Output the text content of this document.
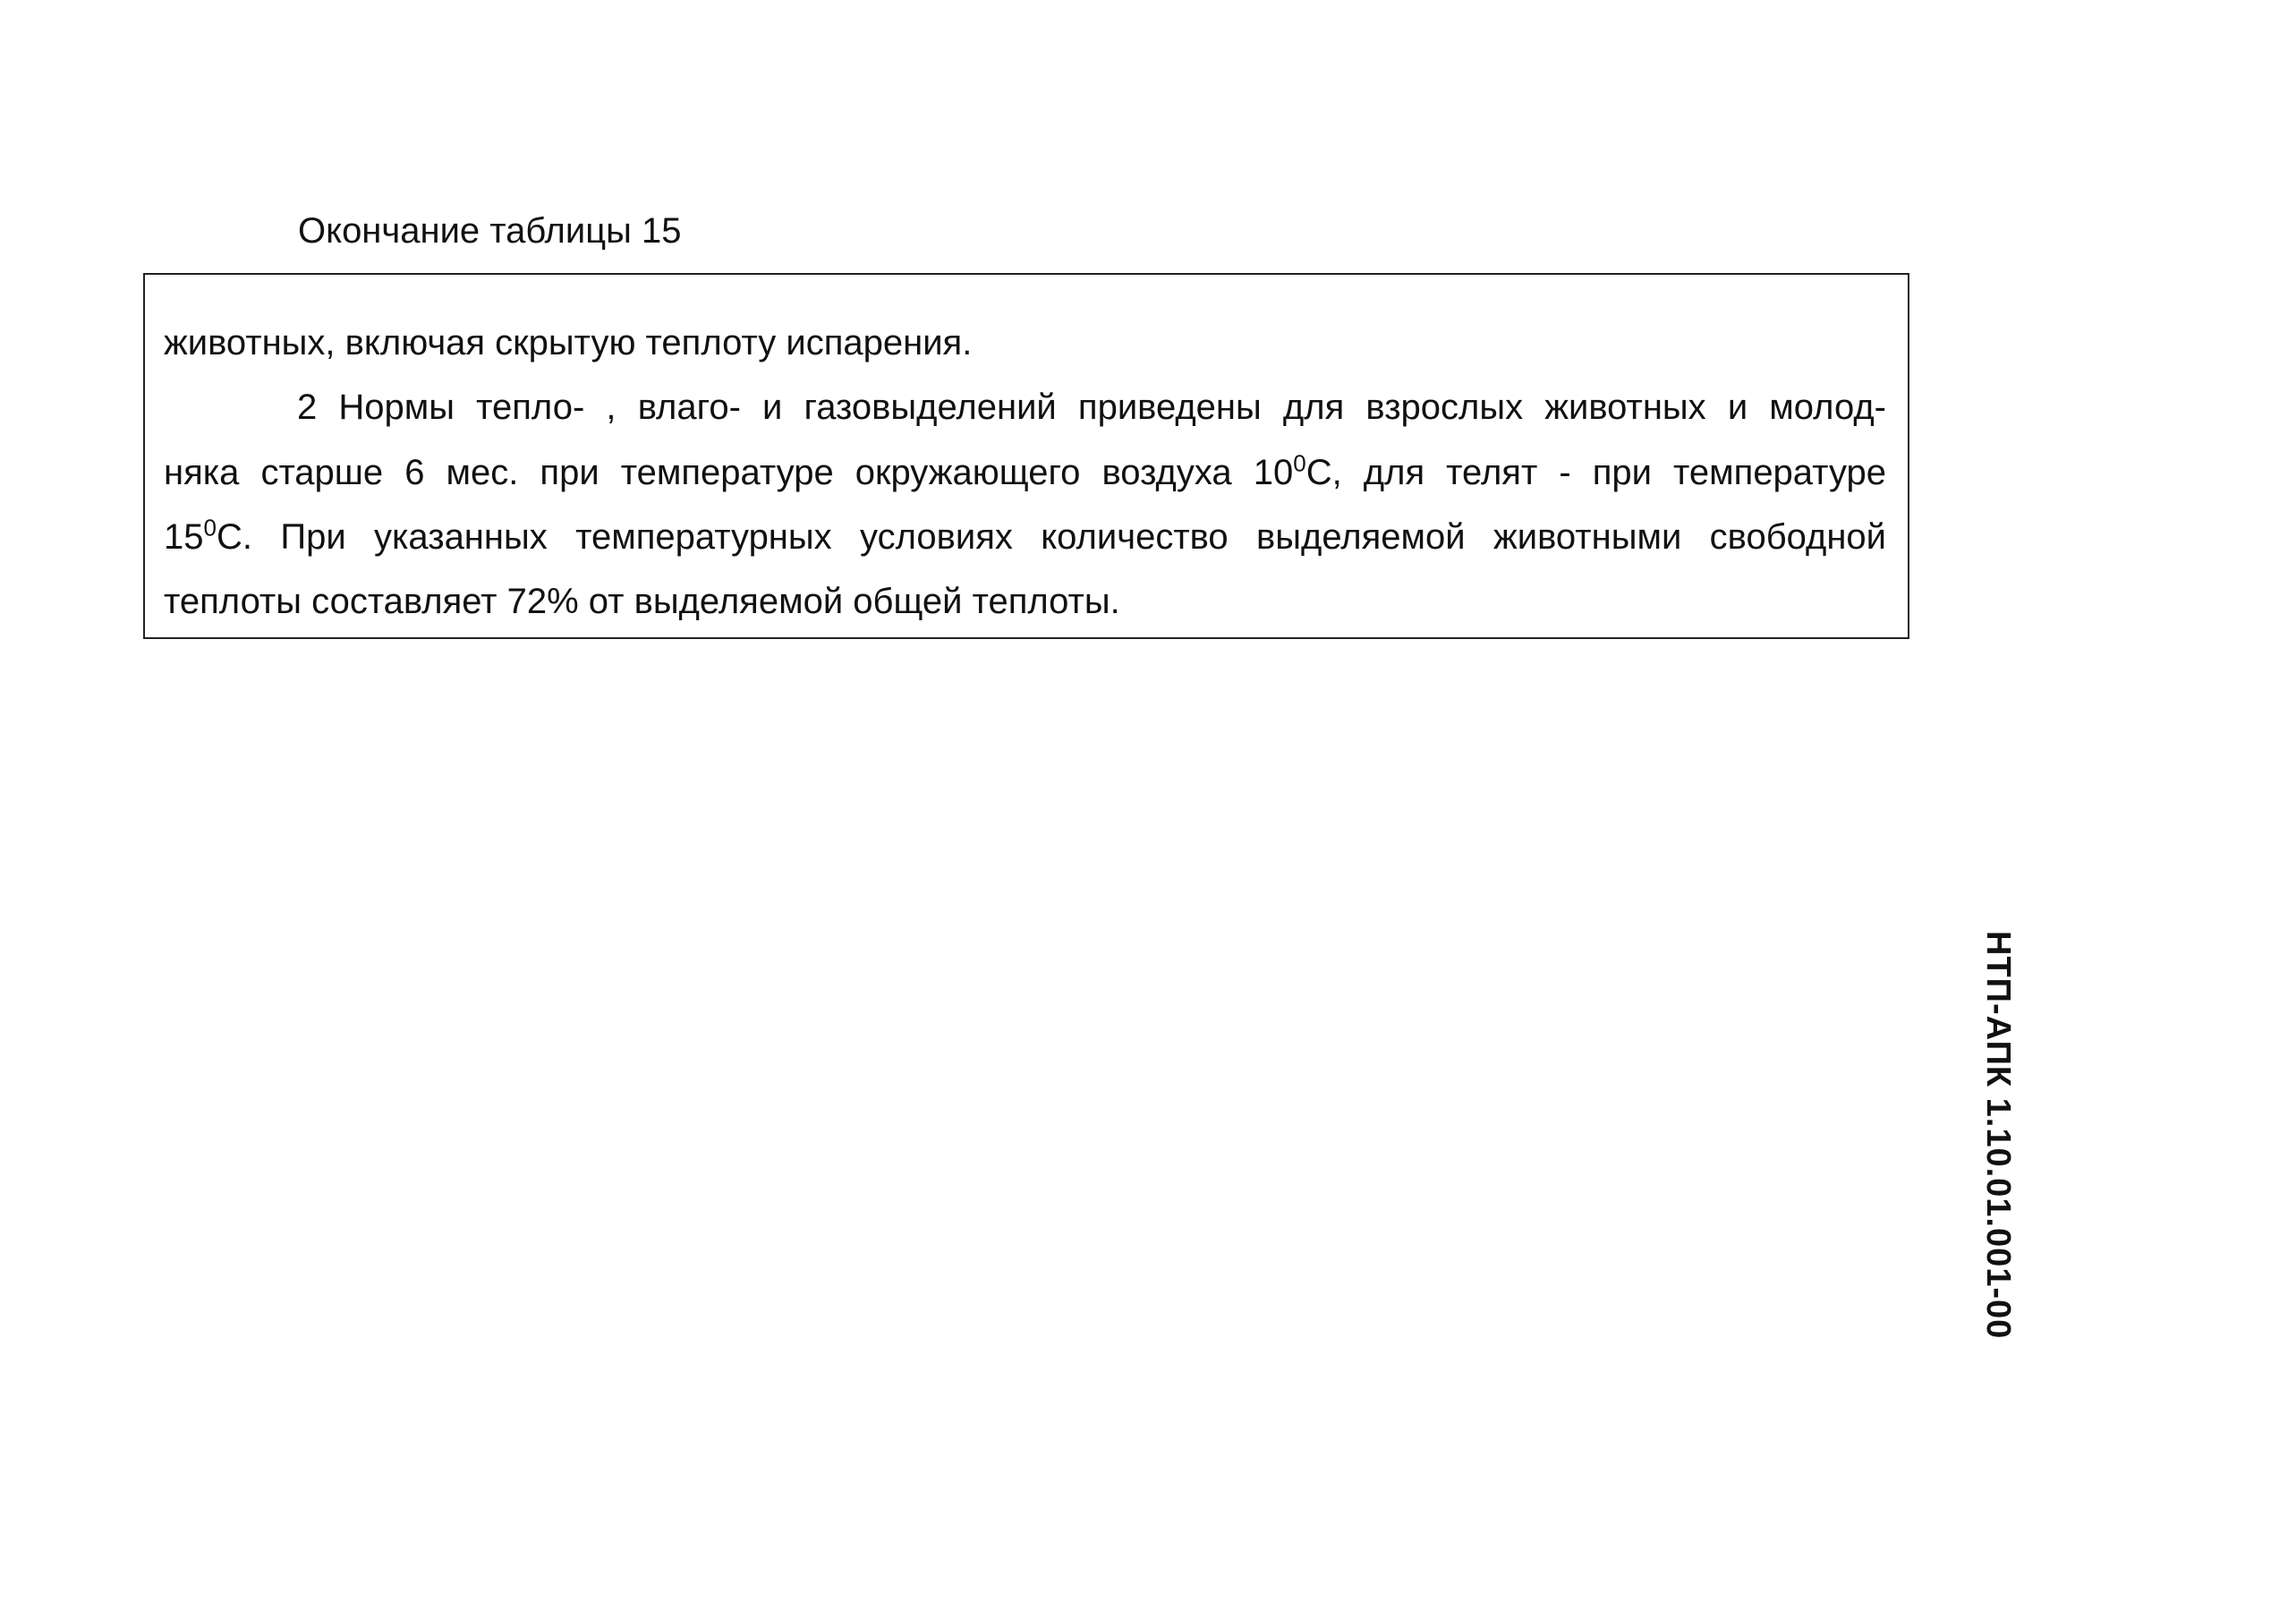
Окончание таблицы 15
животных, включая скрытую теплоту испарения.
2 Нормы тепло- , влаго- и газовыделений приведены для взрослых животных и молод-
няка старше 6 мес. при температуре окружающего воздуха $10^0С$, для телят - при температуре
$15^0С$. При указанных температурных условиях количество выделяемой животными свободной
теплоты составляет 72% от выделяемой общей теплоты.
НТП-АПК 1.10.01.001-00
